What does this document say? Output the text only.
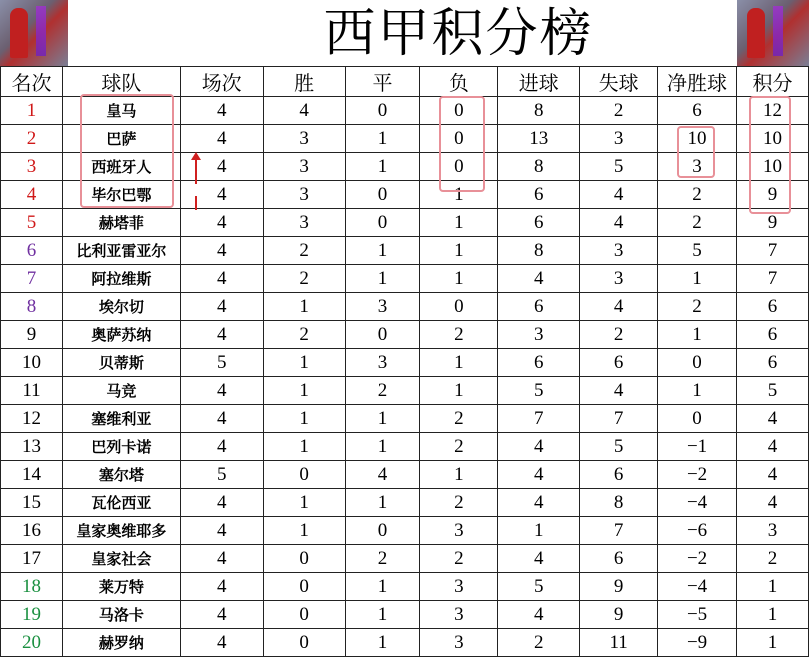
西甲积分榜
名次	球队	场次	胜	平	负	进球	失球	净胜球	积分
1	皇马	4	4	0	0	8	2	6	12
2	巴萨	4	3	1	0	13	3	10	10
3	西班牙人	4	3	1	0	8	5	3	10
4	毕尔巴鄂	4	3	0	1	6	4	2	9
5	赫塔菲	4	3	0	1	6	4	2	9
6	比利亚雷亚尔	4	2	1	1	8	3	5	7
7	阿拉维斯	4	2	1	1	4	3	1	7
8	埃尔切	4	1	3	0	6	4	2	6
9	奥萨苏纳	4	2	0	2	3	2	1	6
10	贝蒂斯	5	1	3	1	6	6	0	6
11	马竞	4	1	2	1	5	4	1	5
12	塞维利亚	4	1	1	2	7	7	0	4
13	巴列卡诺	4	1	1	2	4	5	−1	4
14	塞尔塔	5	0	4	1	4	6	−2	4
15	瓦伦西亚	4	1	1	2	4	8	−4	4
16	皇家奥维耶多	4	1	0	3	1	7	−6	3
17	皇家社会	4	0	2	2	4	6	−2	2
18	莱万特	4	0	1	3	5	9	−4	1
19	马洛卡	4	0	1	3	4	9	−5	1
20	赫罗纳	4	0	1	3	2	11	−9	1
